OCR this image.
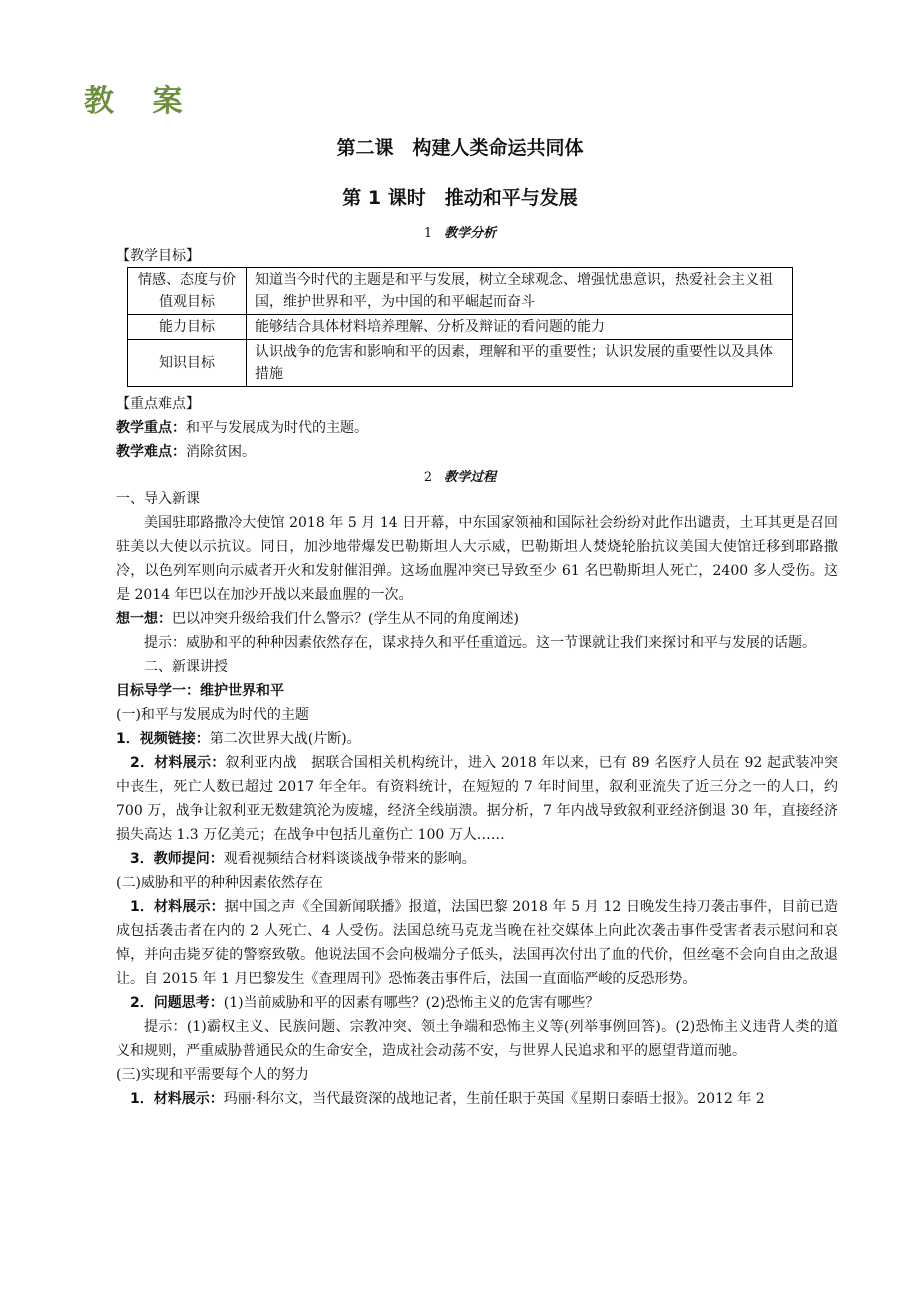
教 案
第二课　构建人类命运共同体
第 1 课时　推动和平与发展
1 教学分析
【教学目标】
情感、态度与价值观目标	知道当今时代的主题是和平与发展，树立全球观念、增强忧患意识，热爱社会主义祖国，维护世界和平，为中国的和平崛起而奋斗
能力目标	能够结合具体材料培养理解、分析及辩证的看问题的能力
知识目标	认识战争的危害和影响和平的因素，理解和平的重要性；认识发展的重要性以及具体措施

【重点难点】

教学重点：和平与发展成为时代的主题。

教学难点：消除贫困。

2 教学过程

一、导入新课

美国驻耶路撒冷大使馆 2018 年 5 月 14 日开幕，中东国家领袖和国际社会纷纷对此作出谴责，土耳其更是召回驻美以大使以示抗议。同日，加沙地带爆发巴勒斯坦人大示威，巴勒斯坦人焚烧轮胎抗议美国大使馆迁移到耶路撒冷，以色列军则向示威者开火和发射催泪弹。这场血腥冲突已导致至少 61 名巴勒斯坦人死亡，2400 多人受伤。这是 2014 年巴以在加沙开战以来最血腥的一次。

想一想：巴以冲突升级给我们什么警示？(学生从不同的角度阐述)

提示：威胁和平的种种因素依然存在，谋求持久和平任重道远。这一节课就让我们来探讨和平与发展的话题。

二、新课讲授

目标导学一：维护世界和平

(一)和平与发展成为时代的主题

1．视频链接：第二次世界大战(片断)。

2．材料展示：叙利亚内战　据联合国相关机构统计，进入 2018 年以来，已有 89 名医疗人员在 92 起武装冲突中丧生，死亡人数已超过 2017 年全年。有资料统计，在短短的 7 年时间里，叙利亚流失了近三分之一的人口，约 700 万，战争让叙利亚无数建筑沦为废墟，经济全线崩溃。据分析，7 年内战导致叙利亚经济倒退 30 年，直接经济损失高达 1.3 万亿美元；在战争中包括儿童伤亡 100 万人……

3．教师提问：观看视频结合材料谈谈战争带来的影响。

(二)威胁和平的种种因素依然存在

1．材料展示：据中国之声《全国新闻联播》报道，法国巴黎 2018 年 5 月 12 日晚发生持刀袭击事件，目前已造成包括袭击者在内的 2 人死亡、4 人受伤。法国总统马克龙当晚在社交媒体上向此次袭击事件受害者表示慰问和哀悼，并向击毙歹徒的警察致敬。他说法国不会向极端分子低头，法国再次付出了血的代价，但丝毫不会向自由之敌退让。自 2015 年 1 月巴黎发生《查理周刊》恐怖袭击事件后，法国一直面临严峻的反恐形势。

2．问题思考：(1)当前威胁和平的因素有哪些？(2)恐怖主义的危害有哪些？

提示：(1)霸权主义、民族问题、宗教冲突、领土争端和恐怖主义等(列举事例回答)。(2)恐怖主义违背人类的道义和规则，严重威胁普通民众的生命安全，造成社会动荡不安，与世界人民追求和平的愿望背道而驰。

(三)实现和平需要每个人的努力

1．材料展示：玛丽·科尔文，当代最资深的战地记者，生前任职于英国《星期日泰晤士报》。2012 年 2
